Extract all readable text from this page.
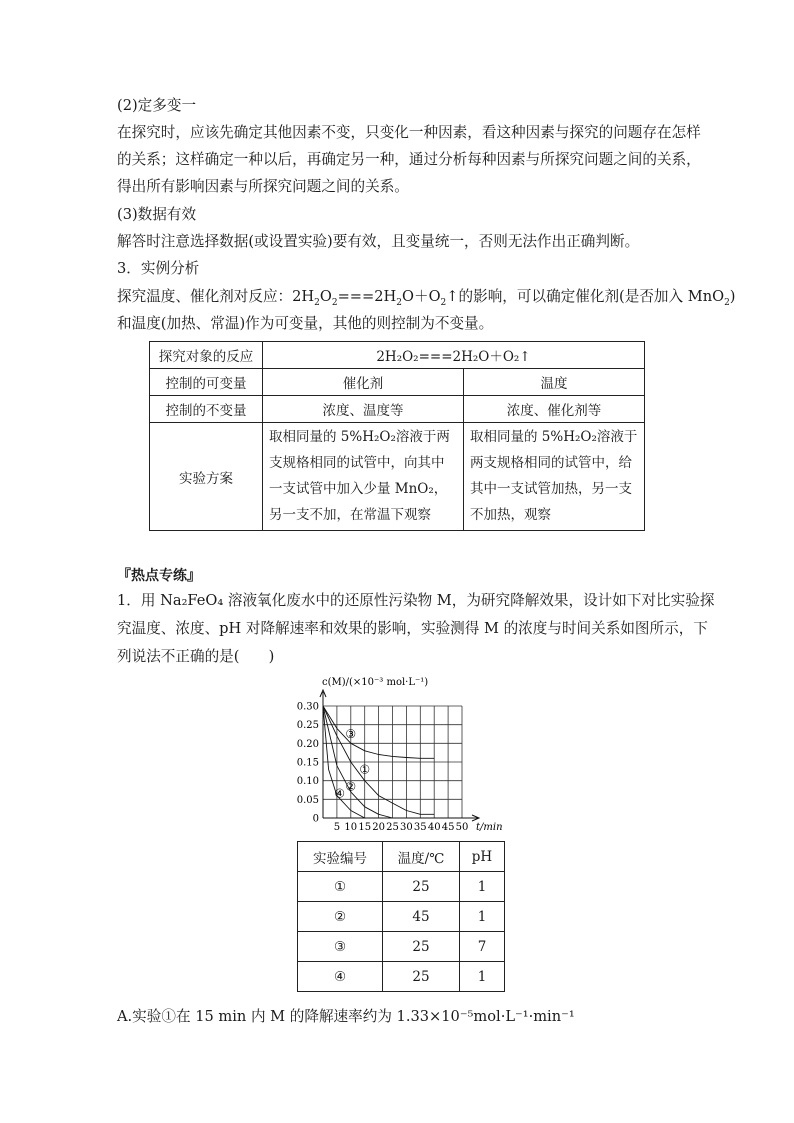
(2)定多变一
在探究时，应该先确定其他因素不变，只变化一种因素，看这种因素与探究的问题存在怎样
的关系；这样确定一种以后，再确定另一种，通过分析每种因素与所探究问题之间的关系，
得出所有影响因素与所探究问题之间的关系。
(3)数据有效
解答时注意选择数据(或设置实验)要有效，且变量统一，否则无法作出正确判断。
3．实例分析
探究温度、催化剂对反应：$2H_2O_2===2H_2O+O_2↑$的影响，可以确定催化剂(是否加入 MnO$_2$)
和温度(加热、常温)作为可变量，其他的则控制为不变量。
探究对象的反应	2H₂O₂===2H₂O＋O₂↑	
控制的可变量	催化剂	温度
控制的不变量	浓度、温度等	浓度、催化剂等
实验方案	取相同量的 5%H₂O₂溶液于两支规格相同的试管中，向其中一支试管中加入少量 MnO₂，另一支不加，在常温下观察	取相同量的 5%H₂O₂溶液于两支规格相同的试管中，给其中一支试管加热，另一支不加热，观察
『热点专练』
1．用 Na₂FeO₄ 溶液氧化废水中的还原性污染物 M，为研究降解效果，设计如下对比实验探
究温度、浓度、pH 对降解速率和效果的影响，实验测得 M 的浓度与时间关系如图所示，下
列说法不正确的是(　　)
0.30
0.25
0.20
0.15
0.10
0.05
0
5 10 15 20 25 30 35 40 45 50
③
①
②
④
c(M)/(×10⁻³ mol·L⁻¹)
t/min
实验编号	温度/℃	pH
①	25	1
②	45	1
③	25	7
④	25	1
A.实验①在 15 min 内 M 的降解速率约为 1.33×10⁻⁵mol·L⁻¹·min⁻¹
